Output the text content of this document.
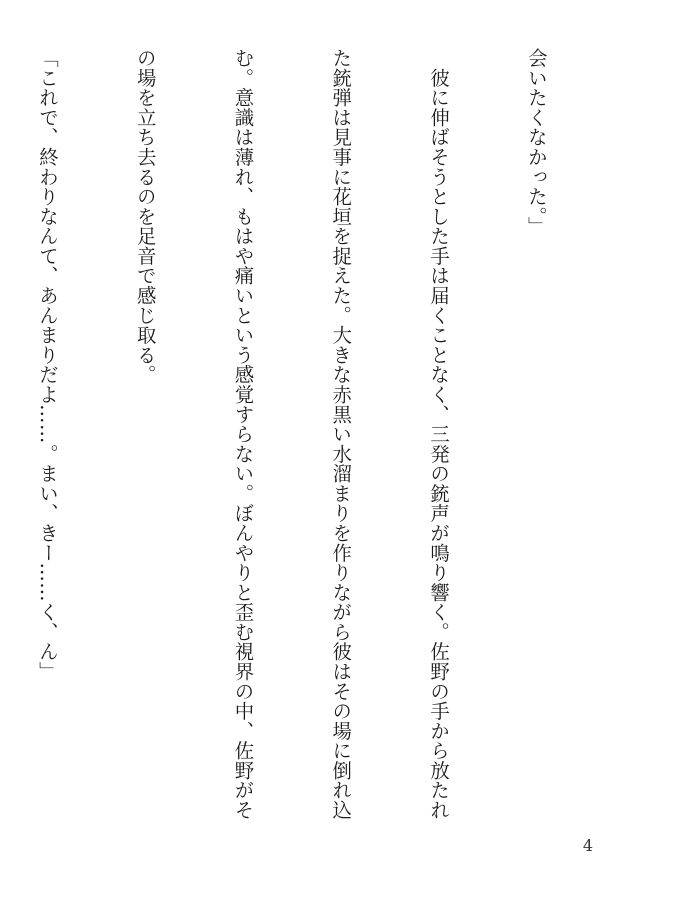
会いたくなかった。」

　彼に伸ばそうとした手は届くことなく、三発の銃声が鳴り響く。佐野の手から放たれ

た銃弾は見事に花垣を捉えた。大きな赤黒い水溜まりを作りながら彼はその場に倒れ込

む。意識は薄れ、もはや痛いという感覚すらない。ぼんやりと歪む視界の中、佐野がそ

の場を立ち去るのを足音で感じ取る。

「これで、終わりなんて、あんまりだよ……。まい、きー……く、ん」

4
